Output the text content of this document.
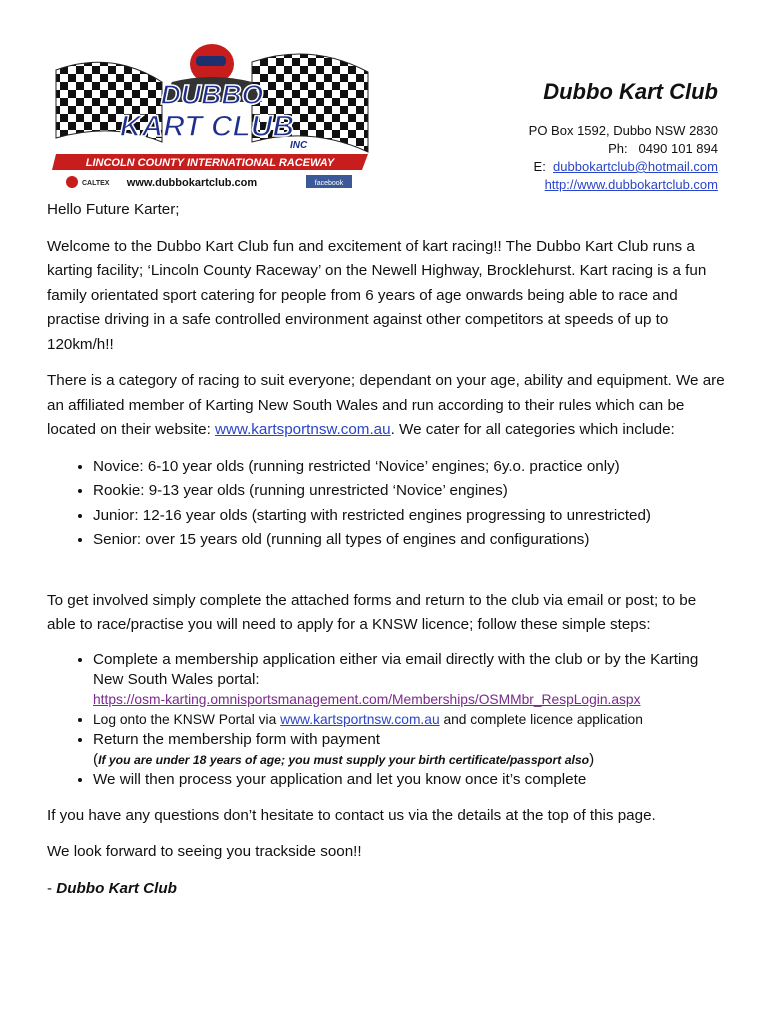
DUBBO
KART CLUB
INC
LINCOLN COUNTY INTERNATIONAL RACEWAY
CALTEX www.dubbokartclub.com	facebook
Dubbo Kart Club
PO Box 1592, Dubbo NSW 2830
Ph:   0490 101 894
E:  dubbokartclub@hotmail.com
http://www.dubbokartclub.com

Hello Future Karter;

Welcome to the Dubbo Kart Club fun and excitement of kart racing!! The Dubbo Kart Club runs a karting facility; ‘Lincoln County Raceway’ on the Newell Highway, Brocklehurst. Kart racing is a fun family orientated sport catering for people from 6 years of age onwards being able to race and practise driving in a safe controlled environment against other competitors at speeds of up to 120km/h!!

There is a category of racing to suit everyone; dependant on your age, ability and equipment. We are an affiliated member of Karting New South Wales and run according to their rules which can be located on their website: www.kartsportnsw.com.au. We cater for all categories which include:

• Novice: 6-10 year olds (running restricted ‘Novice’ engines; 6y.o. practice only)
• Rookie: 9-13 year olds (running unrestricted ‘Novice’ engines)
• Junior: 12-16 year olds (starting with restricted engines progressing to unrestricted)
• Senior: over 15 years old (running all types of engines and configurations)

To get involved simply complete the attached forms and return to the club via email or post; to be able to race/practise you will need to apply for a KNSW licence; follow these simple steps:

• Complete a membership application either via email directly with the club or by the Karting New South Wales portal:
https://osm-karting.omnisportsmanagement.com/Memberships/OSMMbr_RespLogin.aspx
• Log onto the KNSW Portal via www.kartsportnsw.com.au and complete licence application
• Return the membership form with payment
(If you are under 18 years of age; you must supply your birth certificate/passport also)
• We will then process your application and let you know once it’s complete

If you have any questions don’t hesitate to contact us via the details at the top of this page.

We look forward to seeing you trackside soon!!

- Dubbo Kart Club
